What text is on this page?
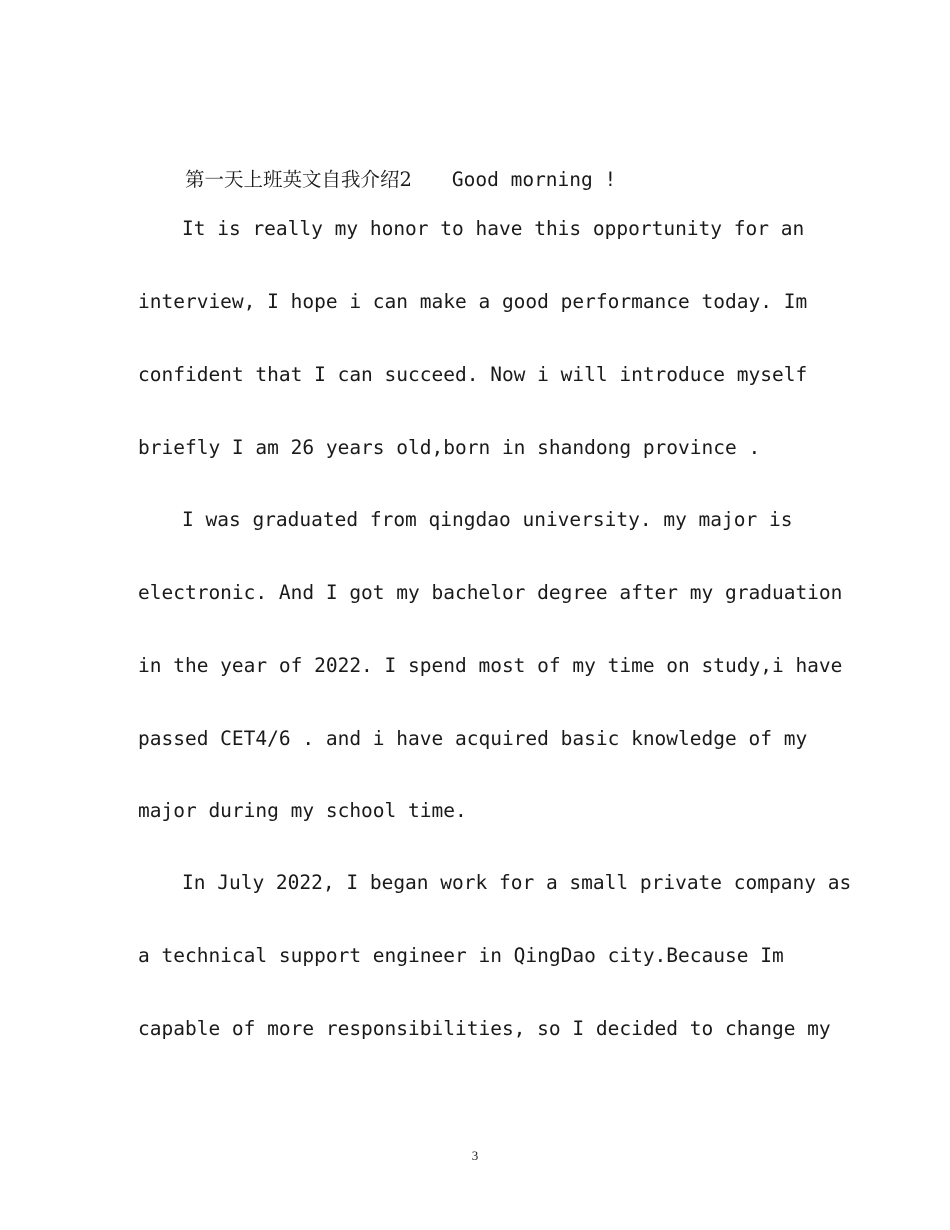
第一天上班英文自我介绍2 Good morning !

It is really my honor to have this opportunity for an
interview, I hope i can make a good performance today. Im
confident that I can succeed. Now i will introduce myself
briefly I am 26 years old,born in shandong province .
I was graduated from qingdao university. my major is
electronic. And I got my bachelor degree after my graduation
in the year of 2022. I spend most of my time on study,i have
passed CET4/6 . and i have acquired basic knowledge of my
major during my school time.
In July 2022, I began work for a small private company as
a technical support engineer in QingDao city.Because Im
capable of more responsibilities, so I decided to change my
3
